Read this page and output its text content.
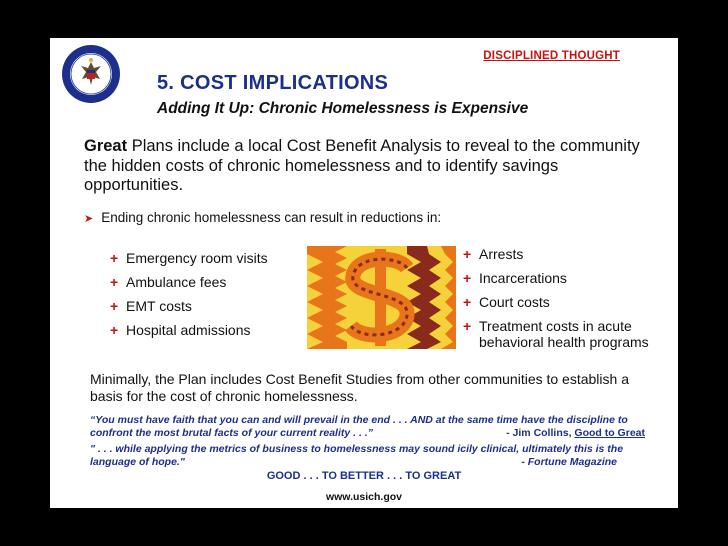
DISCIPLINED THOUGHT
5. COST IMPLICATIONS
Adding It Up: Chronic Homelessness is Expensive
Great Plans include a local Cost Benefit Analysis to reveal to the community the hidden costs of chronic homelessness and to identify savings opportunities.
➤ Ending chronic homelessness can result in reductions in:
+ Emergency room visits
+ Ambulance fees
+ EMT costs
+ Hospital admissions
+ Arrests
+ Incarcerations
+ Court costs
+ Treatment costs in acute behavioral health programs
Minimally, the Plan includes Cost Benefit Studies from other communities to establish a basis for the cost of chronic homelessness.
“You must have faith that you can and will prevail in the end . . . AND at the same time have the discipline to confront the most brutal facts of your current reality . . .”	- Jim Collins, Good to Great
" . . . while applying the metrics of business to homelessness may sound icily clinical, ultimately this is the language of hope."	- Fortune Magazine
GOOD . . . TO BETTER . . . TO GREAT
www.usich.gov
